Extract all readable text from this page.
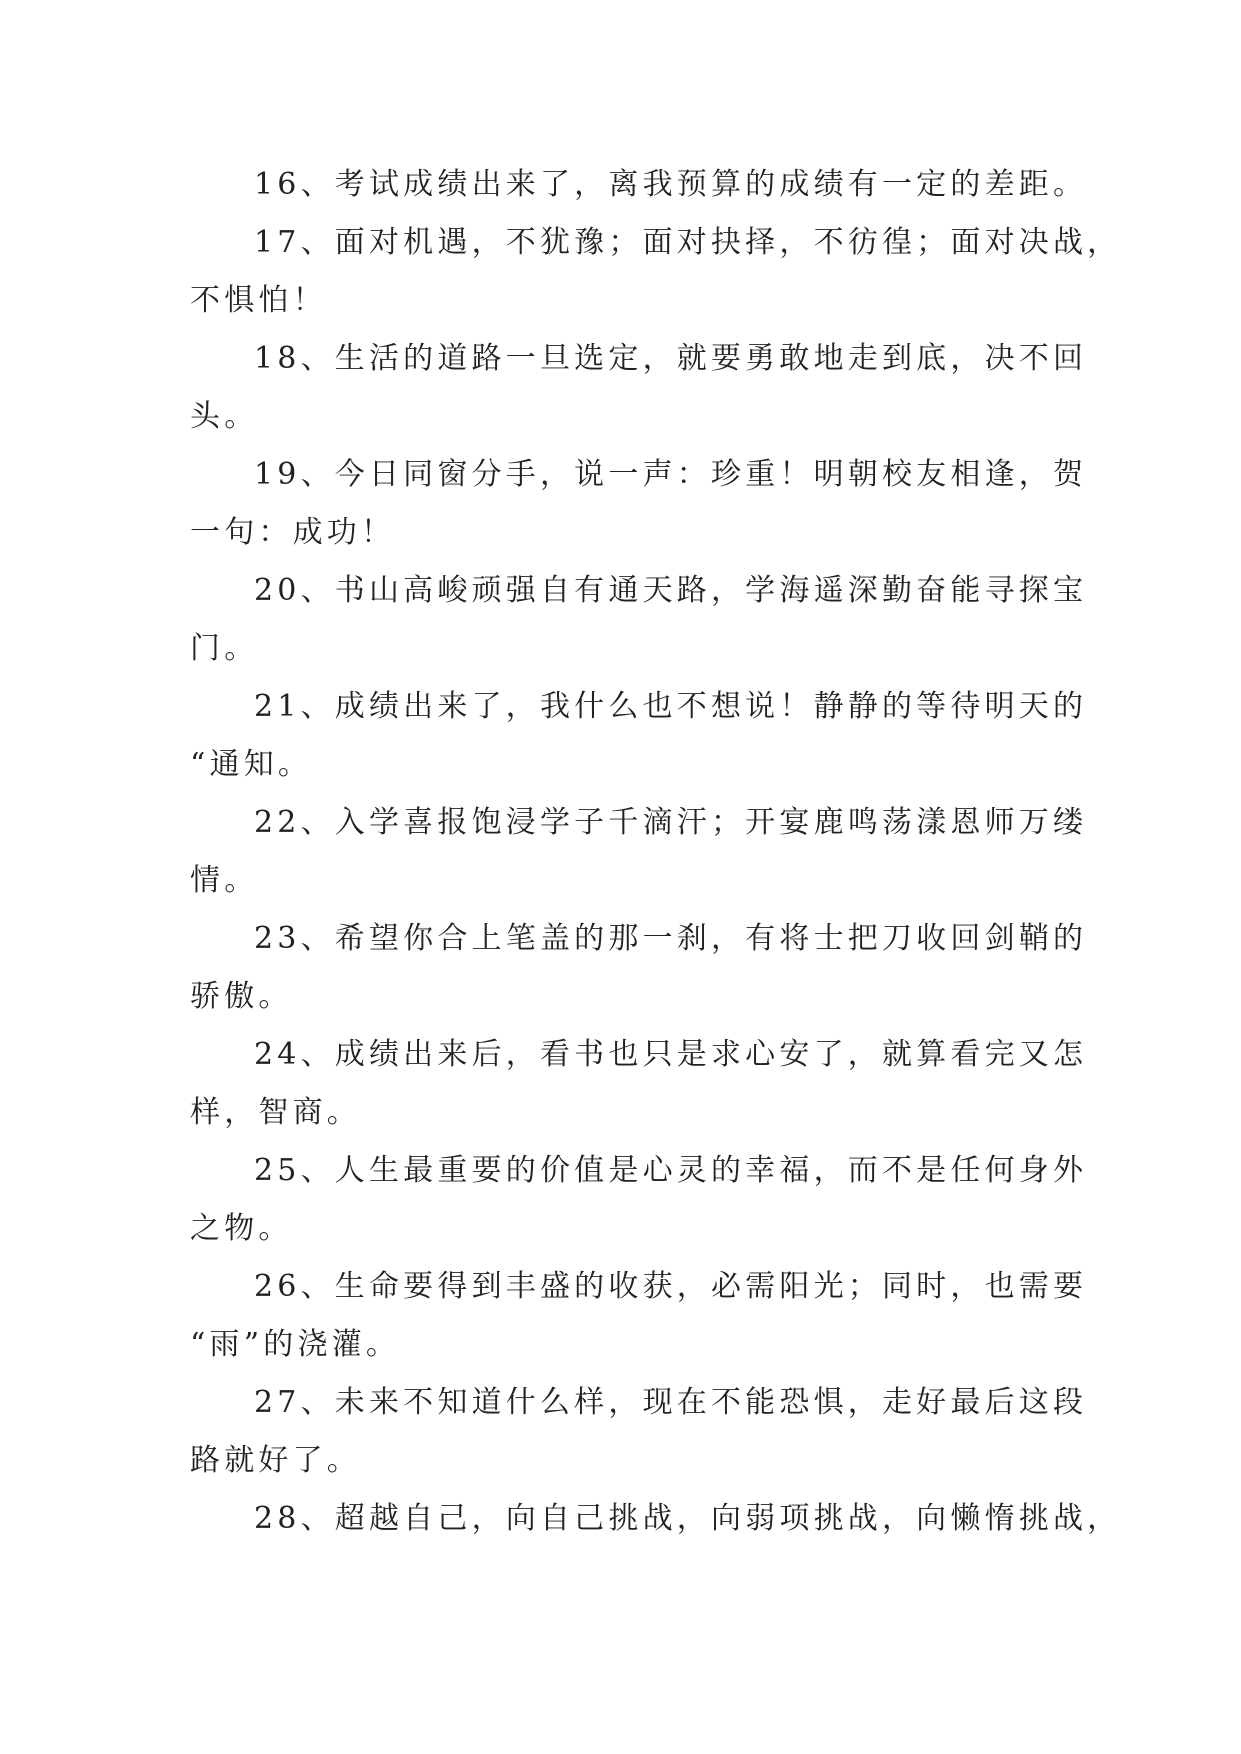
16、考试成绩出来了，离我预算的成绩有一定的差距。

17、面对机遇，不犹豫；面对抉择，不彷徨；面对决战，
不惧怕！

18、生活的道路一旦选定，就要勇敢地走到底，决不回
头。

19、今日同窗分手，说一声：珍重！明朝校友相逢，贺
一句：成功！

20、书山高峻顽强自有通天路，学海遥深勤奋能寻探宝
门。

21、成绩出来了，我什么也不想说！静静的等待明天的
“通知。

22、入学喜报饱浸学子千滴汗；开宴鹿鸣荡漾恩师万缕
情。

23、希望你合上笔盖的那一刹，有将士把刀收回剑鞘的
骄傲。

24、成绩出来后，看书也只是求心安了，就算看完又怎
样，智商。

25、人生最重要的价值是心灵的幸福，而不是任何身外
之物。

26、生命要得到丰盛的收获，必需阳光；同时，也需要
“雨”的浇灌。

27、未来不知道什么样，现在不能恐惧，走好最后这段
路就好了。

28、超越自己，向自己挑战，向弱项挑战，向懒惰挑战，
